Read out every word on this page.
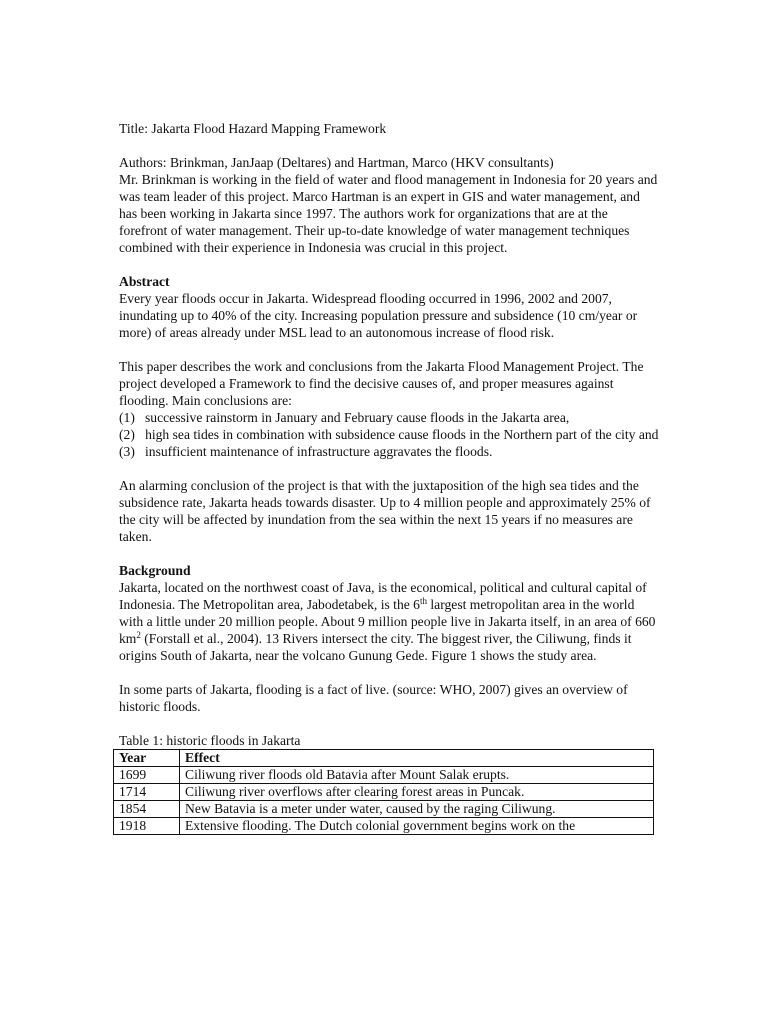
Title: Jakarta Flood Hazard Mapping Framework

Authors: Brinkman, JanJaap (Deltares) and Hartman, Marco (HKV consultants)

Mr. Brinkman is working in the field of water and flood management in Indonesia for 20 years and was team leader of this project. Marco Hartman is an expert in GIS and water management, and has been working in Jakarta since 1997. The authors work for organizations that are at the forefront of water management. Their up-to-date knowledge of water management techniques combined with their experience in Indonesia was crucial in this project.

Abstract

Every year floods occur in Jakarta. Widespread flooding occurred in 1996, 2002 and 2007, inundating up to 40% of the city. Increasing population pressure and subsidence (10 cm/year or more) of areas already under MSL lead to an autonomous increase of flood risk.

This paper describes the work and conclusions from the Jakarta Flood Management Project. The project developed a Framework to find the decisive causes of, and proper measures against flooding. Main conclusions are:

(1) successive rainstorm in January and February cause floods in the Jakarta area,
(2) high sea tides in combination with subsidence cause floods in the Northern part of the city and
(3) insufficient maintenance of infrastructure aggravates the floods.

An alarming conclusion of the project is that with the juxtaposition of the high sea tides and the subsidence rate, Jakarta heads towards disaster. Up to 4 million people and approximately 25% of the city will be affected by inundation from the sea within the next 15 years if no measures are taken.

Background

Jakarta, located on the northwest coast of Java, is the economical, political and cultural capital of Indonesia. The Metropolitan area, Jabodetabek, is the 6th largest metropolitan area in the world with a little under 20 million people. About 9 million people live in Jakarta itself, in an area of 660 $km^2$ (Forstall et al., 2004). 13 Rivers intersect the city. The biggest river, the Ciliwung, finds it origins South of Jakarta, near the volcano Gunung Gede. Figure 1 shows the study area.

In some parts of Jakarta, flooding is a fact of live. (source: WHO, 2007) gives an overview of historic floods.

Table 1: historic floods in Jakarta

Year	Effect
1699	Ciliwung river floods old Batavia after Mount Salak erupts.
1714	Ciliwung river overflows after clearing forest areas in Puncak.
1854	New Batavia is a meter under water, caused by the raging Ciliwung.
1918	Extensive flooding. The Dutch colonial government begins work on the
